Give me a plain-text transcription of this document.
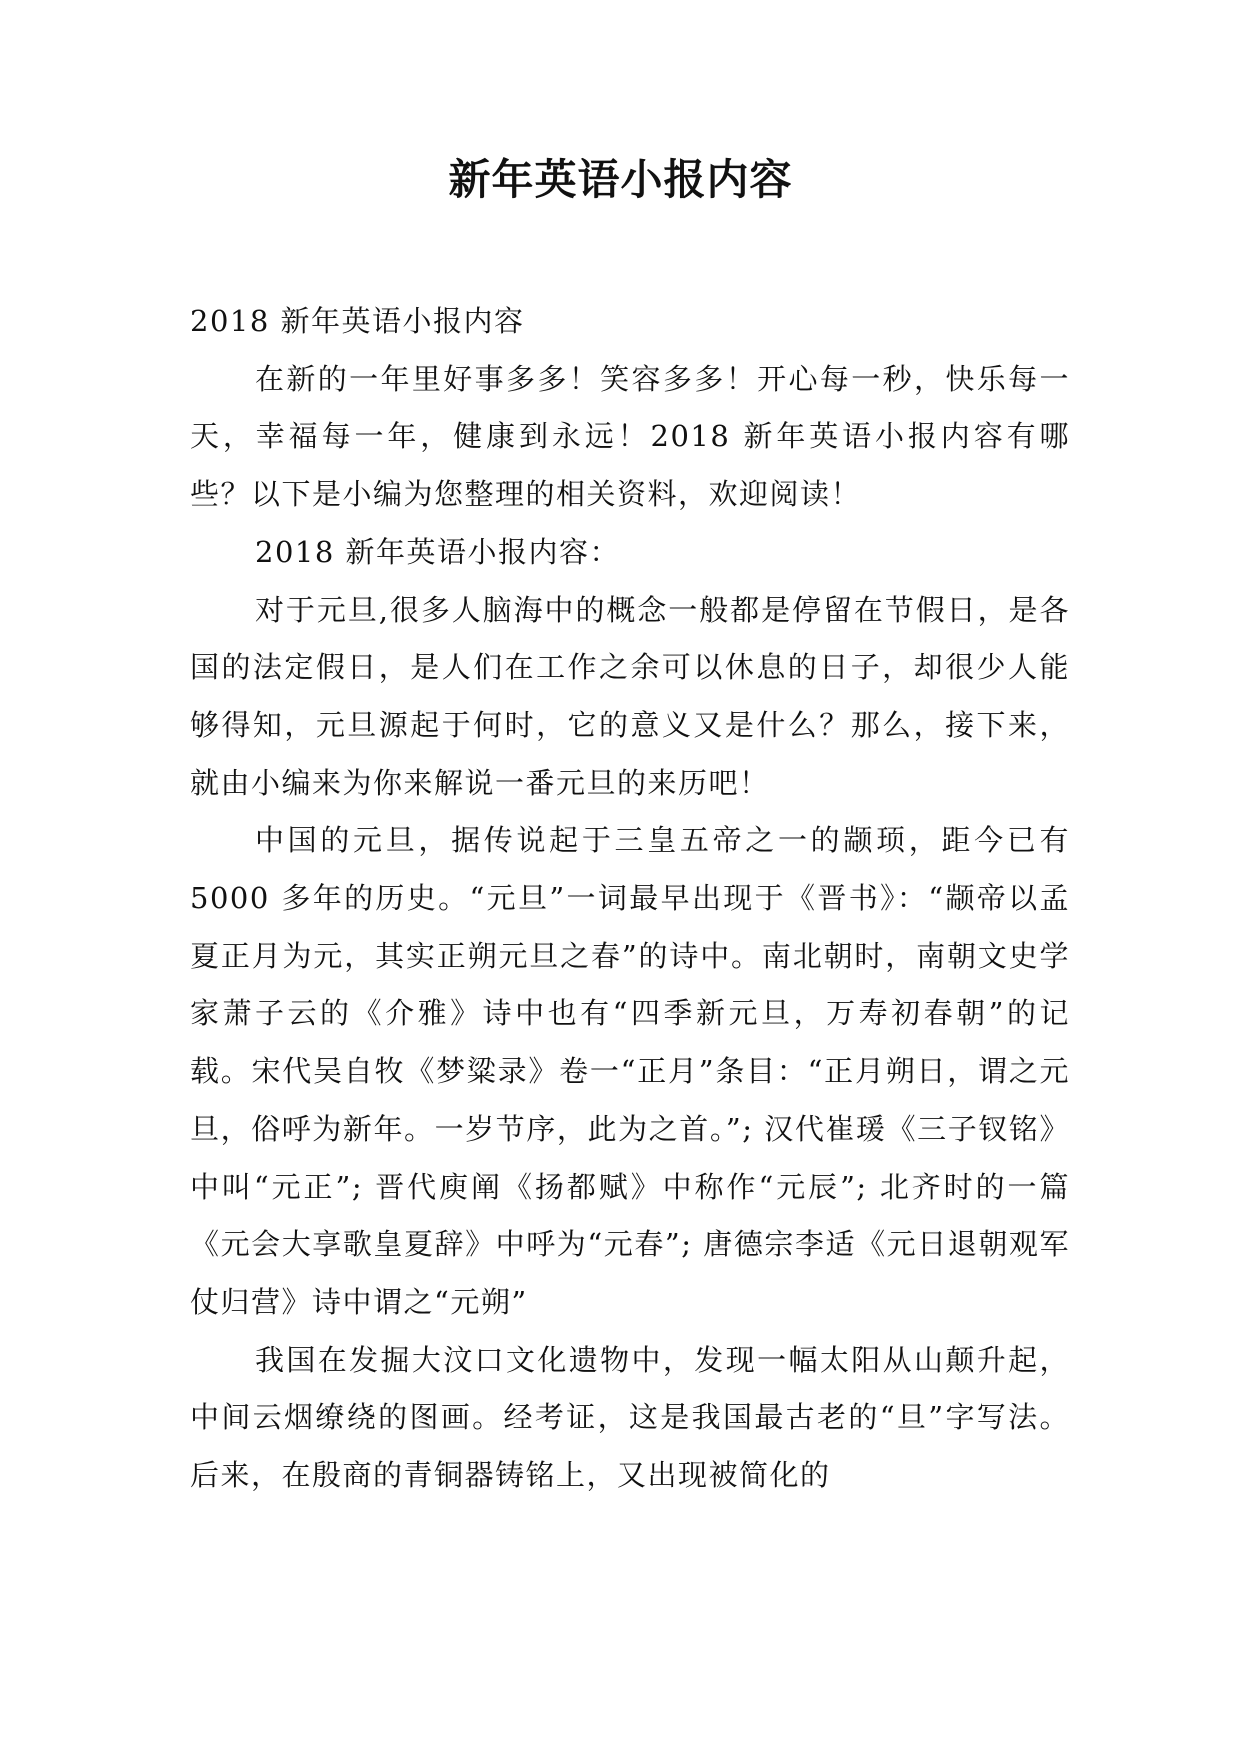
新年英语小报内容

2018 新年英语小报内容

在新的一年里好事多多！笑容多多！开心每一秒，快乐每一天，幸福每一年，健康到永远！2018 新年英语小报内容有哪些？以下是小编为您整理的相关资料，欢迎阅读！

2018 新年英语小报内容：

对于元旦,很多人脑海中的概念一般都是停留在节假日，是各国的法定假日，是人们在工作之余可以休息的日子，却很少人能够得知，元旦源起于何时，它的意义又是什么？那么，接下来，就由小编来为你来解说一番元旦的来历吧！

中国的元旦，据传说起于三皇五帝之一的颛顼，距今已有 5000 多年的历史。“元旦”一词最早出现于《晋书》：“颛帝以孟夏正月为元，其实正朔元旦之春”的诗中。南北朝时，南朝文史学家萧子云的《介雅》诗中也有“四季新元旦，万寿初春朝”的记载。宋代吴自牧《梦粱录》卷一“正月”条目：“正月朔日，谓之元旦，俗呼为新年。一岁节序，此为之首。”; 汉代崔瑗《三子钗铭》中叫“元正”; 晋代庾阐《扬都赋》中称作“元辰”; 北齐时的一篇《元会大享歌皇夏辞》中呼为“元春”; 唐德宗李适《元日退朝观军仗归营》诗中谓之“元朔”

我国在发掘大汶口文化遗物中，发现一幅太阳从山颠升起，中间云烟缭绕的图画。经考证，这是我国最古老的“旦”字写法。后来，在殷商的青铜器铸铭上，又出现被简化的
